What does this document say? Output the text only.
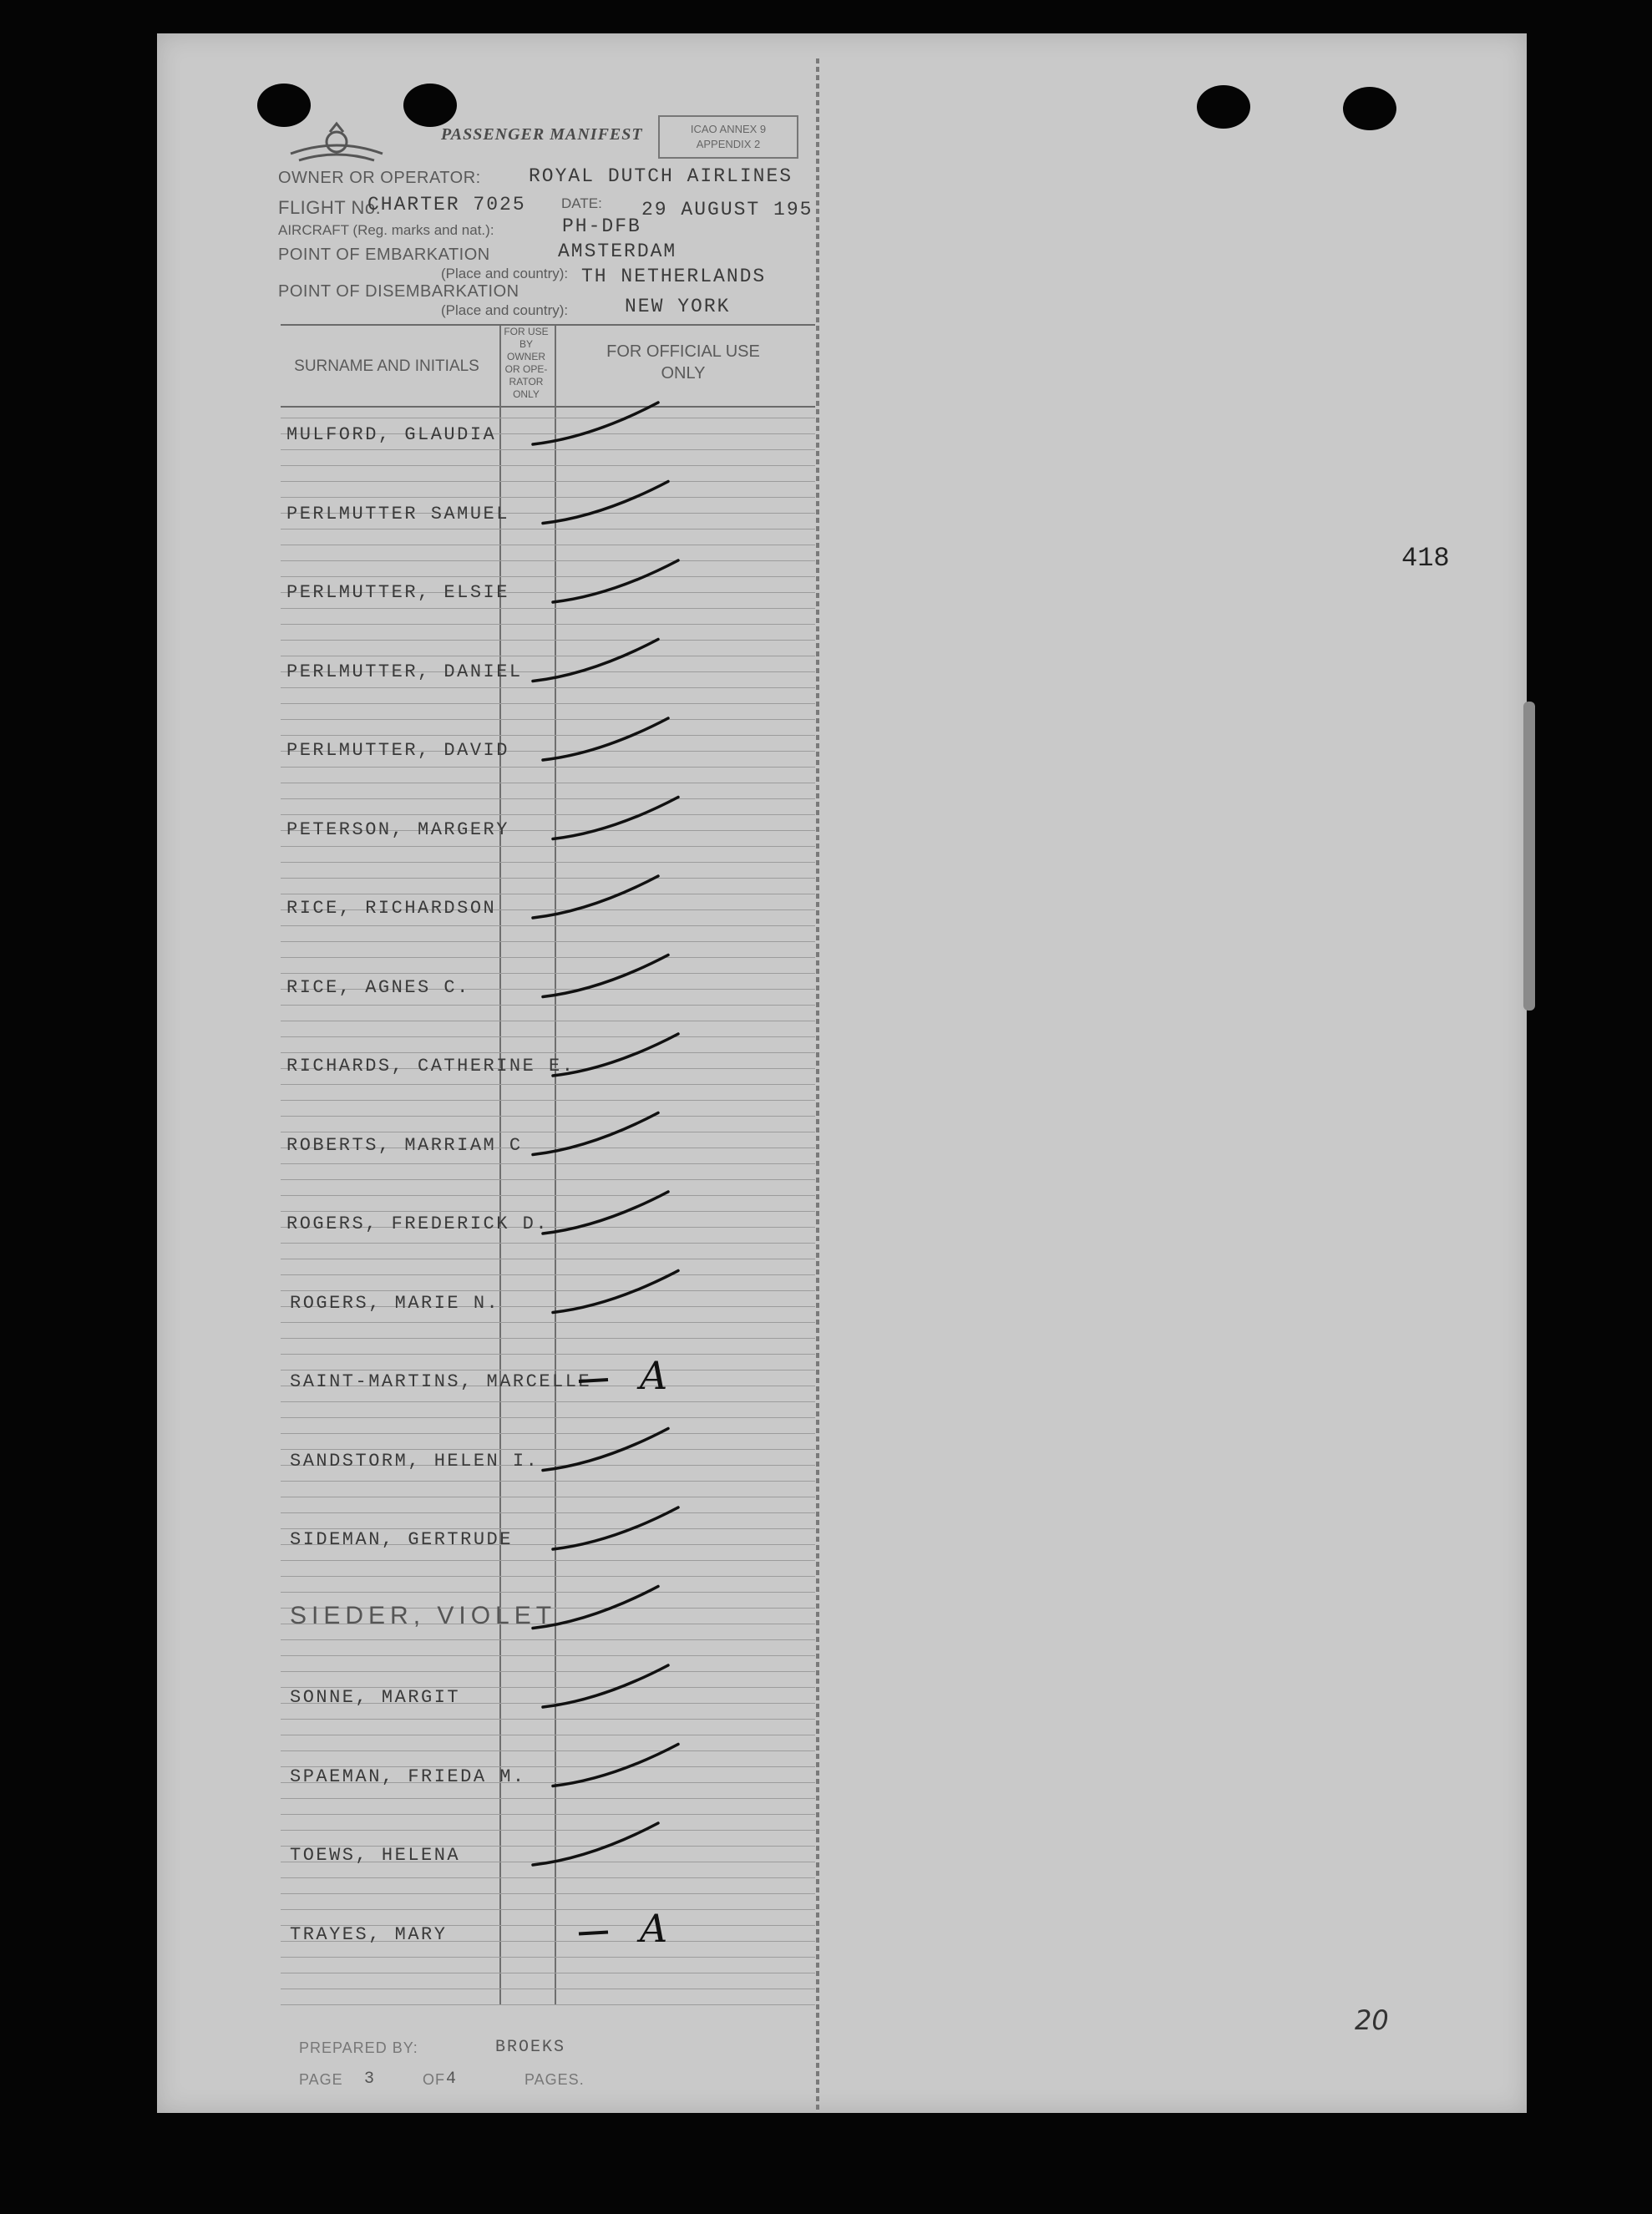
PASSENGER MANIFEST	ICAO ANNEX 9
APPENDIX 2
OWNER OR OPERATOR: ROYAL DUTCH AIRLINES
FLIGHT No.
CHARTER 7025 DATE: 29 AUGUST 195
AIRCRAFT (Reg. marks and nat.):	PH-DFB
POINT OF EMBARKATION	AMSTERDAM
(Place and country): TH NETHERLANDS
POINT OF DISEMBARKATION
(Place and country):	NEW YORK
SURNAME AND INITIALS
FOR USE
BY
OWNER
OR OPE-
RATOR
ONLY
FOR OFFICIAL USE
ONLY
MULFORD, GLAUDIA
PERLMUTTER SAMUEL
PERLMUTTER, ELSIE
PERLMUTTER, DANIEL
PERLMUTTER, DAVID
PETERSON, MARGERY
RICE, RICHARDSON
RICE, AGNES C.
RICHARDS, CATHERINE E.
ROBERTS, MARRIAM C
ROGERS, FREDERICK D.
ROGERS, MARIE N.
SAINT-MARTINS, MARCELLE A
SANDSTORM, HELEN I.
SIDEMAN, GERTRUDE
SIEDER, VIOLET
SONNE, MARGIT
SPAEMAN, FRIEDA M.
TOEWS, HELENA
TRAYES, MARY	A
PREPARED BY:	BROEKS
PAGE 3	OF 4	PAGES.
418
20
